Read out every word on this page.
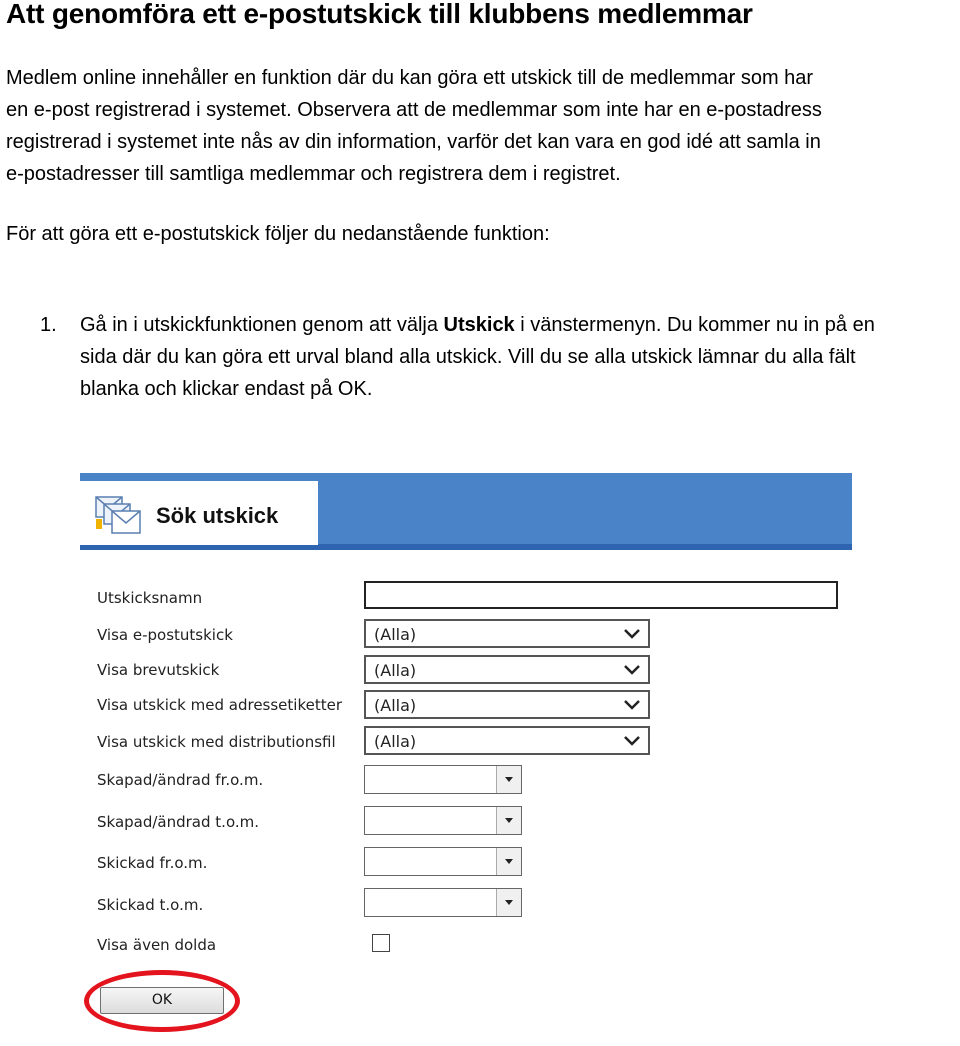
Att genomföra ett e-postutskick till klubbens medlemmar
Medlem online innehåller en funktion där du kan göra ett utskick till de medlemmar som har
en e-post registrerad i systemet. Observera att de medlemmar som inte har en e-postadress
registrerad i systemet inte nås av din information, varför det kan vara en god idé att samla in
e-postadresser till samtliga medlemmar och registrera dem i registret.
För att göra ett e-postutskick följer du nedanstående funktion:
1. Gå in i utskickfunktionen genom att välja Utskick i vänstermenyn. Du kommer nu in på en
sida där du kan göra ett urval bland alla utskick. Vill du se alla utskick lämnar du alla fält
blanka och klickar endast på OK.
Sök utskick
Utskicksnamn
Visa e-postutskick	(Alla)
Visa brevutskick	(Alla)
Visa utskick med adressetiketter (Alla)
Visa utskick med distributionsfil (Alla)
Skapad/ändrad fr.o.m.
Skapad/ändrad t.o.m.
Skickad fr.o.m.
Skickad t.o.m.
Visa även dolda
OK
